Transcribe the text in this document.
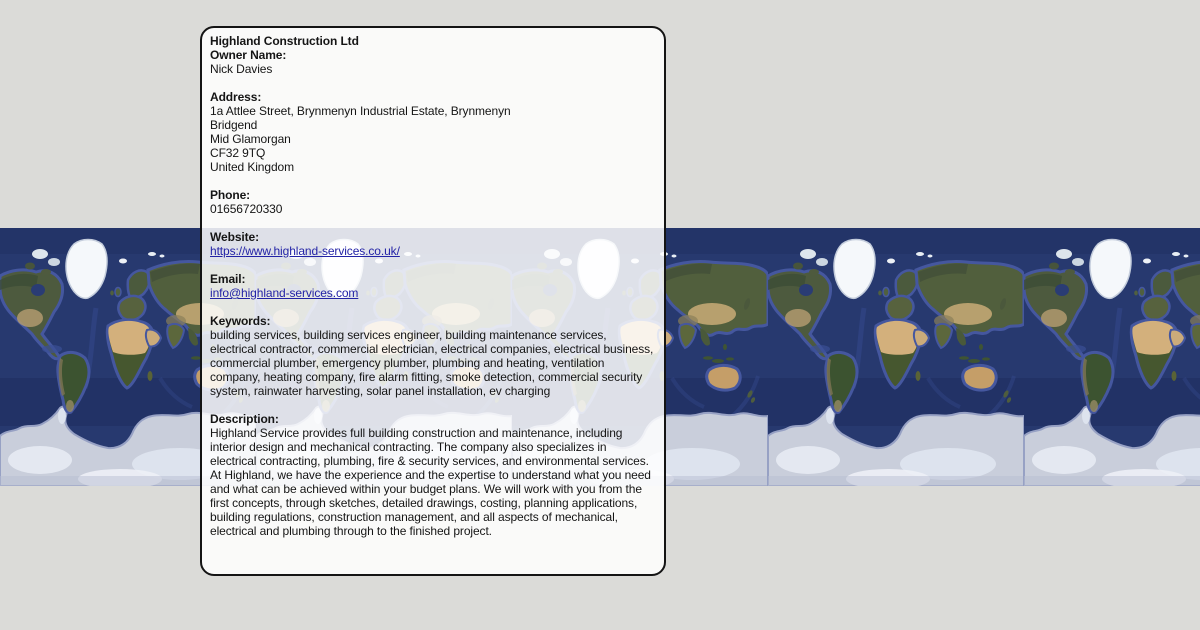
Highland Construction Ltd
Owner Name:
Nick Davies
Address:
1a Attlee Street, Brynmenyn Industrial Estate, Brynmenyn
Bridgend
Mid Glamorgan
CF32 9TQ
United Kingdom
Phone:
01656720330
Website:
https://www.highland-services.co.uk/
Email:
info@highland-services.com
Keywords:
building services, building services engineer, building maintenance services, electrical contractor, commercial electrician, electrical companies, electrical business, commercial plumber, emergency plumber, plumbing and heating, ventilation company, heating company, fire alarm fitting, smoke detection, commercial security system, rainwater harvesting, solar panel installation, ev charging
Description:

Highland Service provides full building construction and maintenance, including interior design and mechanical contracting. The company also specializes in electrical contracting, plumbing, fire & security services, and environmental services.

At Highland, we have the experience and the expertise to understand what you need and what can be achieved within your budget plans. We will work with you from the first concepts, through sketches, detailed drawings, costing, planning applications, building regulations, construction management, and all aspects of mechanical, electrical and plumbing through to the finished project.
